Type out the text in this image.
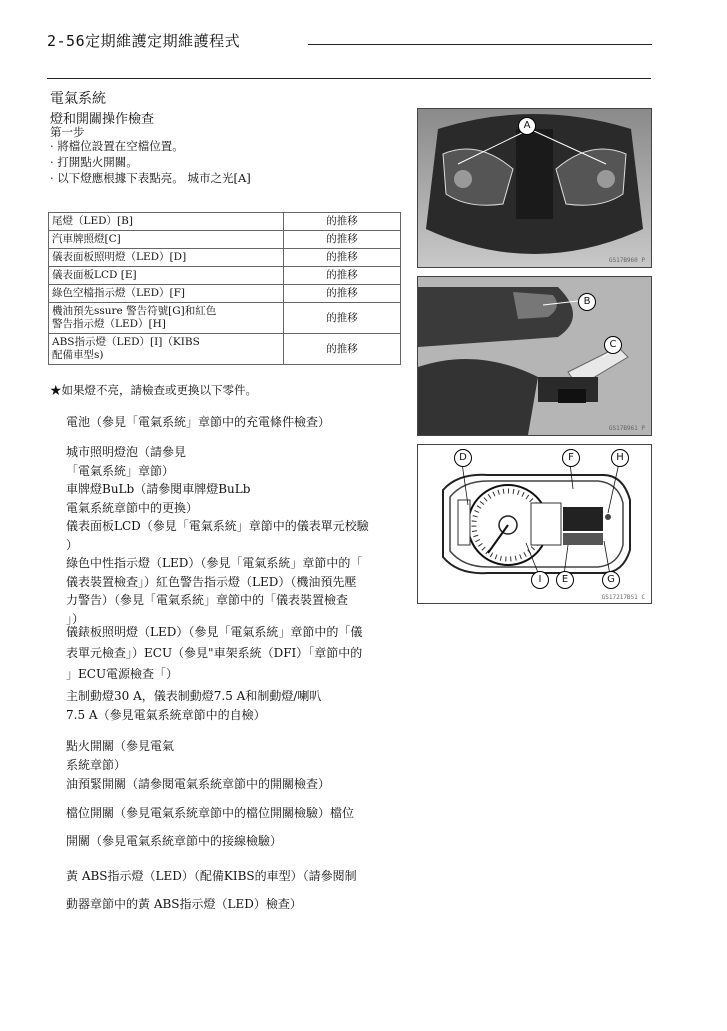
2-56定期維護定期維護程式
電氣系統
燈和開關操作檢查
第一步
· 將檔位設置在空檔位置。
· 打開點火開關。
· 以下燈應根據下表點亮。 城市之光[A]
尾燈（LED）[B]	的推移
汽車牌照燈[C]	的推移
儀表面板照明燈（LED）[D]	的推移
儀表面板LCD [E]	的推移
綠色空檔指示燈（LED）[F]	的推移
機油預先ssure 警告符號[G]和紅色
警告指示燈（LED）[H]	的推移
ABS指示燈（LED）[I]（KIBS
配備車型s)	的推移
★如果燈不亮，請檢查或更換以下零件。
電池（參見「電氣系統」章節中的充電條件檢查）
城市照明燈泡（請參見
「電氣系統」章節）
車牌燈BuLb（請參閱車牌燈BuLb
電氣系統章節中的更換）
儀表面板LCD（參見「電氣系統」章節中的儀表單元校驗
）
綠色中性指示燈（LED）（參見「電氣系統」章節中的「
儀表裝置檢查」）紅色警告指示燈（LED）（機油預先壓
力警告）（參見「電氣系統」章節中的「儀表裝置檢查
」）
儀錶板照明燈（LED）（參見「電氣系統」章節中的「儀
表單元檢查」）ECU（參見"車架系統（DFI）「章節中的
」ECU電源檢查「）
主制動燈30 A，儀表制動燈7.5 A和制動燈/喇叭
7.5 A（參見電氣系統章節中的自檢）
點火開關（參見電氣
系統章節）
油預緊開關（請參閱電氣系統章節中的開關檢查）
檔位開關（參見電氣系統章節中的檔位開關檢驗）檔位
開關（參見電氣系統章節中的接線檢驗）
黃 ABS指示燈（LED）（配備KIBS的車型）（請參閱制
動器章節中的黃 ABS指示燈（LED）檢查）
A
GS17B960 P
B
C
GS17B961 P
D	F	H
I	E	G
GS17217BS1 C
